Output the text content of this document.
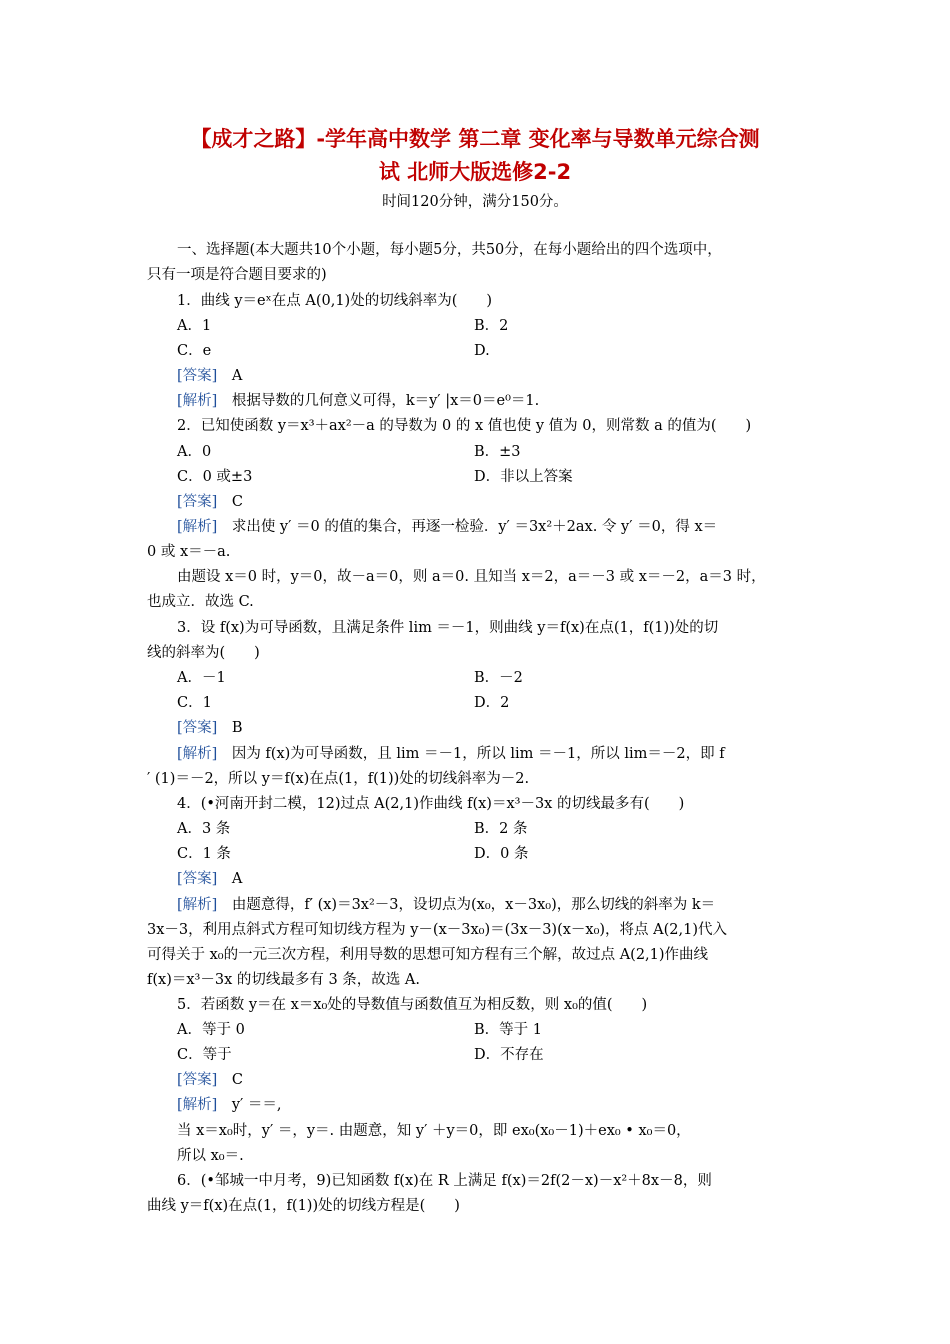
【成才之路】-学年高中数学 第二章 变化率与导数单元综合测
试 北师大版选修2-2
时间120分钟，满分150分。
一、选择题(本大题共10个小题，每小题5分，共50分，在每小题给出的四个选项中，
只有一项是符合题目要求的)
1．曲线 y＝eˣ在点 A(0,1)处的切线斜率为(　　)
A．1	B．2
C．e	D.
[答案]　 A
[解析]　 根据导数的几何意义可得，k＝y′ |x＝0＝e⁰＝1.
2．已知使函数 y＝x³＋ax²－a 的导数为 0 的 x 值也使 y 值为 0，则常数 a 的值为(　　)
A．0	B．±3
C．0 或±3	D．非以上答案
[答案]　 C
[解析]　 求出使 y′ ＝0 的值的集合，再逐一检验．y′ ＝3x²＋2ax. 令 y′ ＝0，得 x＝
0 或 x＝－a.
由题设 x＝0 时，y＝0，故－a＝0，则 a＝0. 且知当 x＝2，a＝－3 或 x＝－2，a＝3 时，
也成立．故选 C.
3．设 f(x)为可导函数，且满足条件 lim ＝－1，则曲线 y＝f(x)在点(1，f(1))处的切
线的斜率为(　　)
A．－1	B．－2
C．1	D．2
[答案]　 B
[解析]　 因为 f(x)为可导函数，且 lim ＝－1，所以 lim ＝－1，所以 lim＝－2，即 f
′ (1)＝－2，所以 y＝f(x)在点(1，f(1))处的切线斜率为－2.
4．(•河南开封二模，12)过点 A(2,1)作曲线 f(x)＝x³－3x 的切线最多有(　　)
A．3 条	B．2 条
C．1 条	D．0 条
[答案]　 A
[解析]　 由题意得，f′ (x)＝3x²－3，设切点为(x₀，x－3x₀)，那么切线的斜率为 k＝
3x－3，利用点斜式方程可知切线方程为 y－(x－3x₀)＝(3x－3)(x－x₀)，将点 A(2,1)代入
可得关于 x₀的一元三次方程，利用导数的思想可知方程有三个解，故过点 A(2,1)作曲线
f(x)＝x³－3x 的切线最多有 3 条，故选 A.
5．若函数 y＝在 x＝x₀处的导数值与函数值互为相反数，则 x₀的值(　　)
A．等于 0	B．等于 1
C．等于	D．不存在
[答案]　 C
[解析]　 y′ ＝＝,
当 x＝x₀时，y′ ＝，y＝. 由题意，知 y′ ＋y＝0，即 ex₀(x₀－1)＋ex₀ • x₀＝0，
所以 x₀＝.
6．(•邹城一中月考，9)已知函数 f(x)在 R 上满足 f(x)＝2f(2－x)－x²＋8x－8，则
曲线 y＝f(x)在点(1，f(1))处的切线方程是(　　)
